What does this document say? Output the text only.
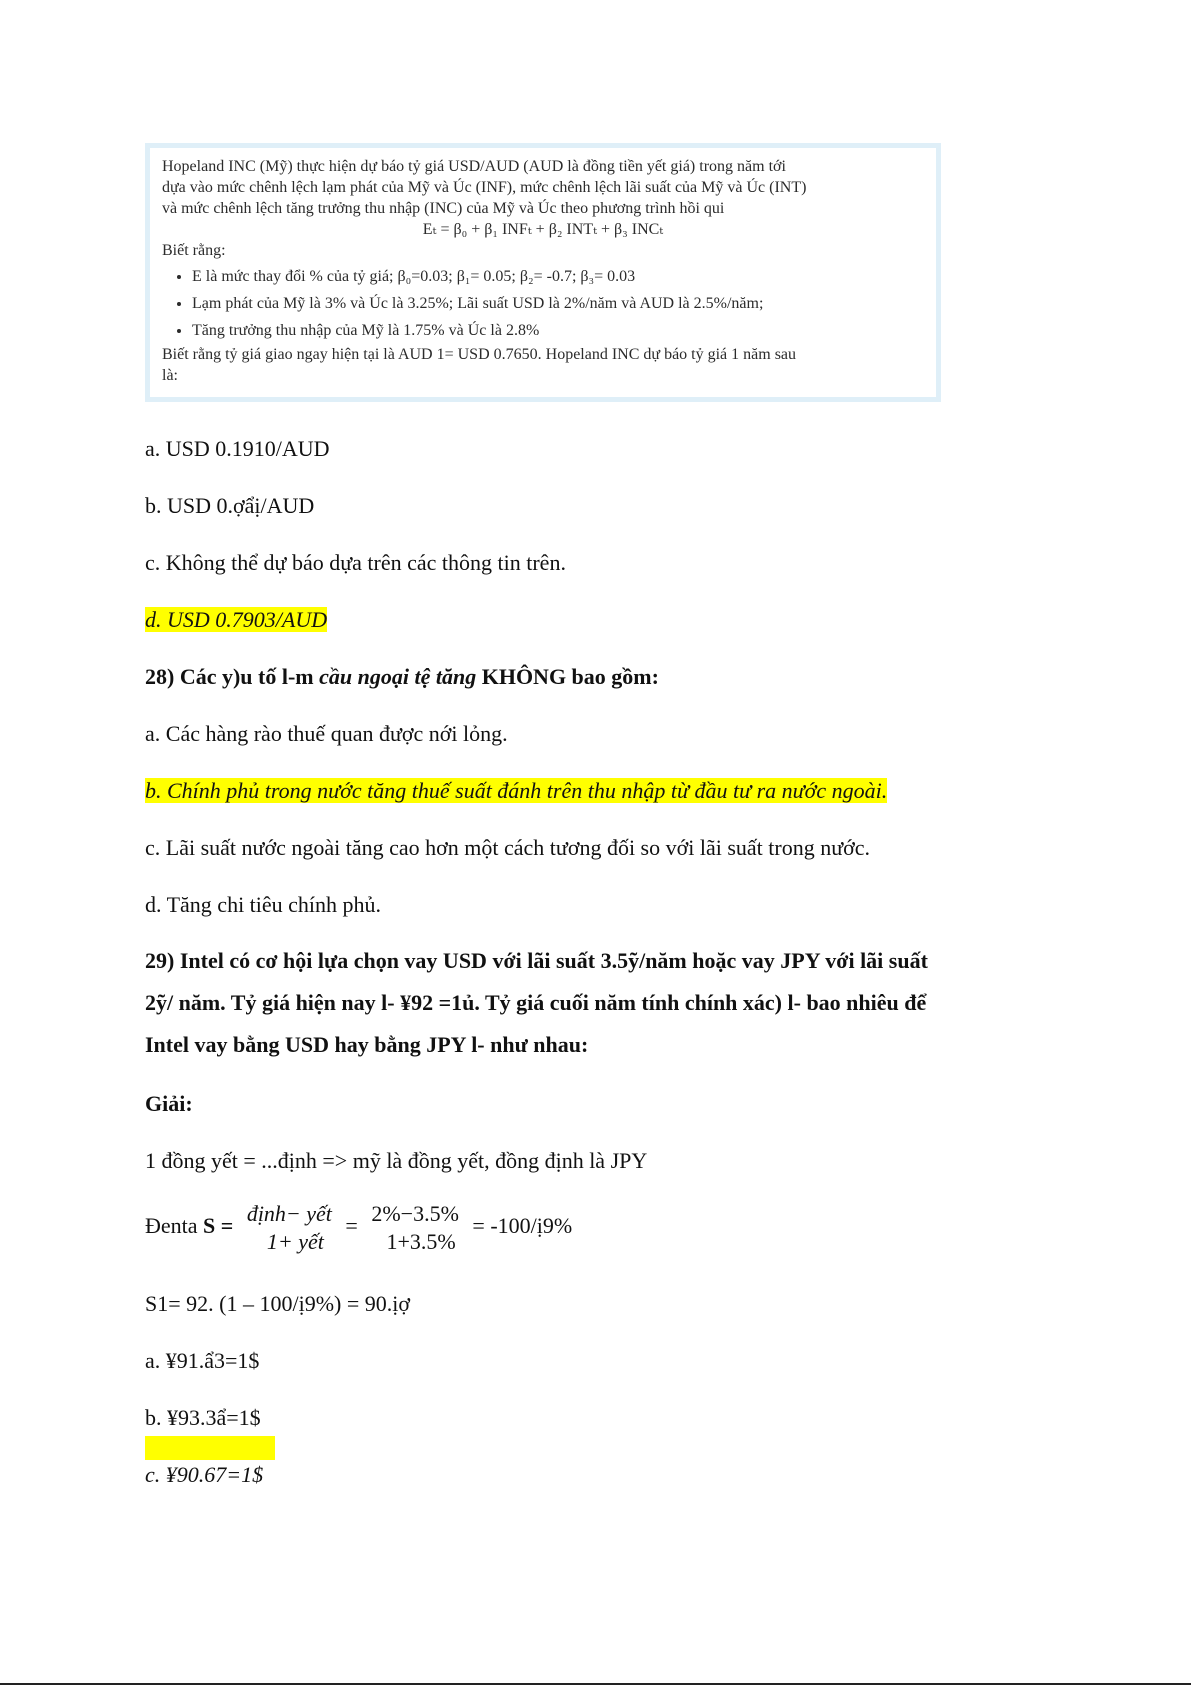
Hopeland INC (Mỹ) thực hiện dự báo tỷ giá USD/AUD (AUD là đồng tiền yết giá) trong năm tới

dựa vào mức chênh lệch lạm phát của Mỹ và Úc (INF), mức chênh lệch lãi suất của Mỹ và Úc (INT)

và mức chênh lệch tăng trưởng thu nhập (INC) của Mỹ và Úc theo phương trình hồi qui

Eₜ = β₀ + β₁ INFₜ + β₂ INTₜ + β₃ INCₜ

Biết rằng:

• E là mức thay đổi % của tỷ giá; β₀=0.03; β₁= 0.05; β₂= -0.7; β₃= 0.03
• Lạm phát của Mỹ là 3% và Úc là 3.25%; Lãi suất USD là 2%/năm và AUD là 2.5%/năm;
• Tăng trưởng thu nhập của Mỹ là 1.75% và Úc là 2.8%

Biết rằng tỷ giá giao ngay hiện tại là AUD 1= USD 0.7650. Hopeland INC dự báo tỷ giá 1 năm sau

là:

a. USD 0.1910/AUD
b. USD 0.ợẩị/AUD
c. Không thể dự báo dựa trên các thông tin trên.
d. USD 0.7903/AUD
28) Các y)u tố l-m cầu ngoại tệ tăng KHÔNG bao gồm:
a. Các hàng rào thuế quan được nới lỏng.
b. Chính phủ trong nước tăng thuế suất đánh trên thu nhập từ đầu tư ra nước ngoài.
c. Lãi suất nước ngoài tăng cao hơn một cách tương đối so với lãi suất trong nước.
d. Tăng chi tiêu chính phủ.
29) Intel có cơ hội lựa chọn vay USD với lãi suất 3.5ỹ/năm hoặc vay JPY với lãi suất
2ỹ/ năm. Tỷ giá hiện nay l- ¥92 =1ủ. Tỷ giá cuối năm tính chính xác) l- bao nhiêu để
Intel vay bằng USD hay bằng JPY l- như nhau:
Giải:
1 đồng yết = ...định => mỹ là đồng yết, đồng định là JPY
Đenta S = định− yết
1+ yết
= 2%−3.5%
1+3.5%
= -100/ị9%
S1= 92. (1 – 100/ị9%) = 90.ịợ
a. ¥91.ẩ3=1$
b. ¥93.3ẩ=1$
c. ¥90.67=1$
